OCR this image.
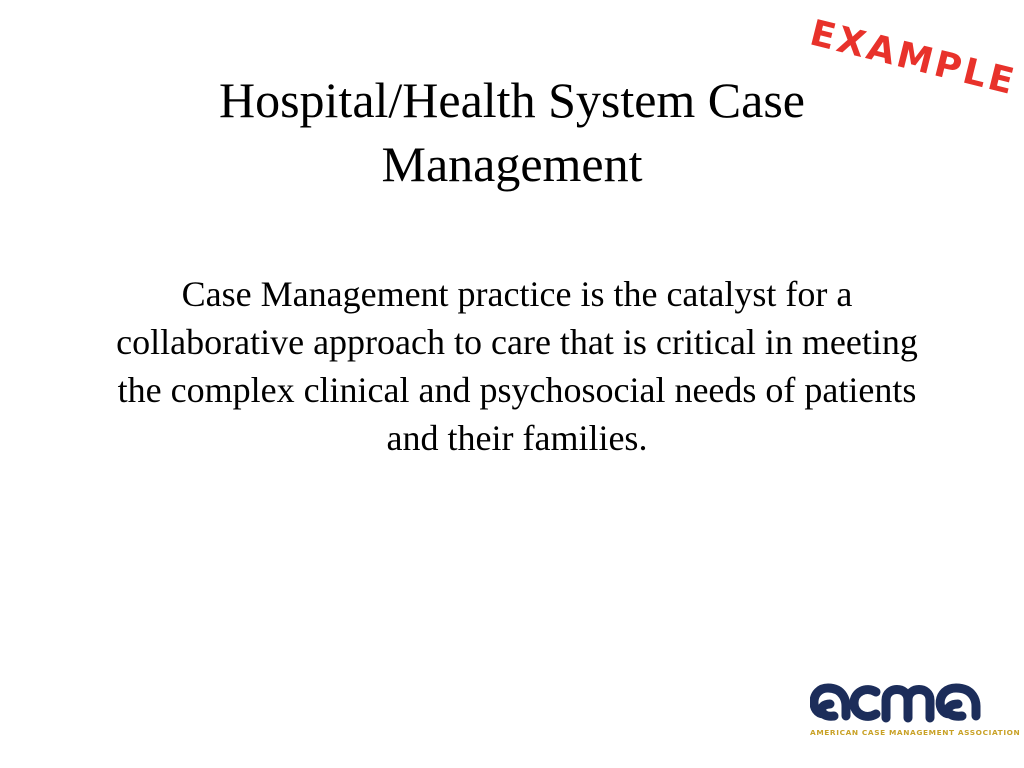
Hospital/Health System Case Management

Case Management practice is the catalyst for a collaborative approach to care that is critical in meeting the complex clinical and psychosocial needs of patients and their families.

EXAMPLE
AMERICAN CASE MANAGEMENT ASSOCIATION
